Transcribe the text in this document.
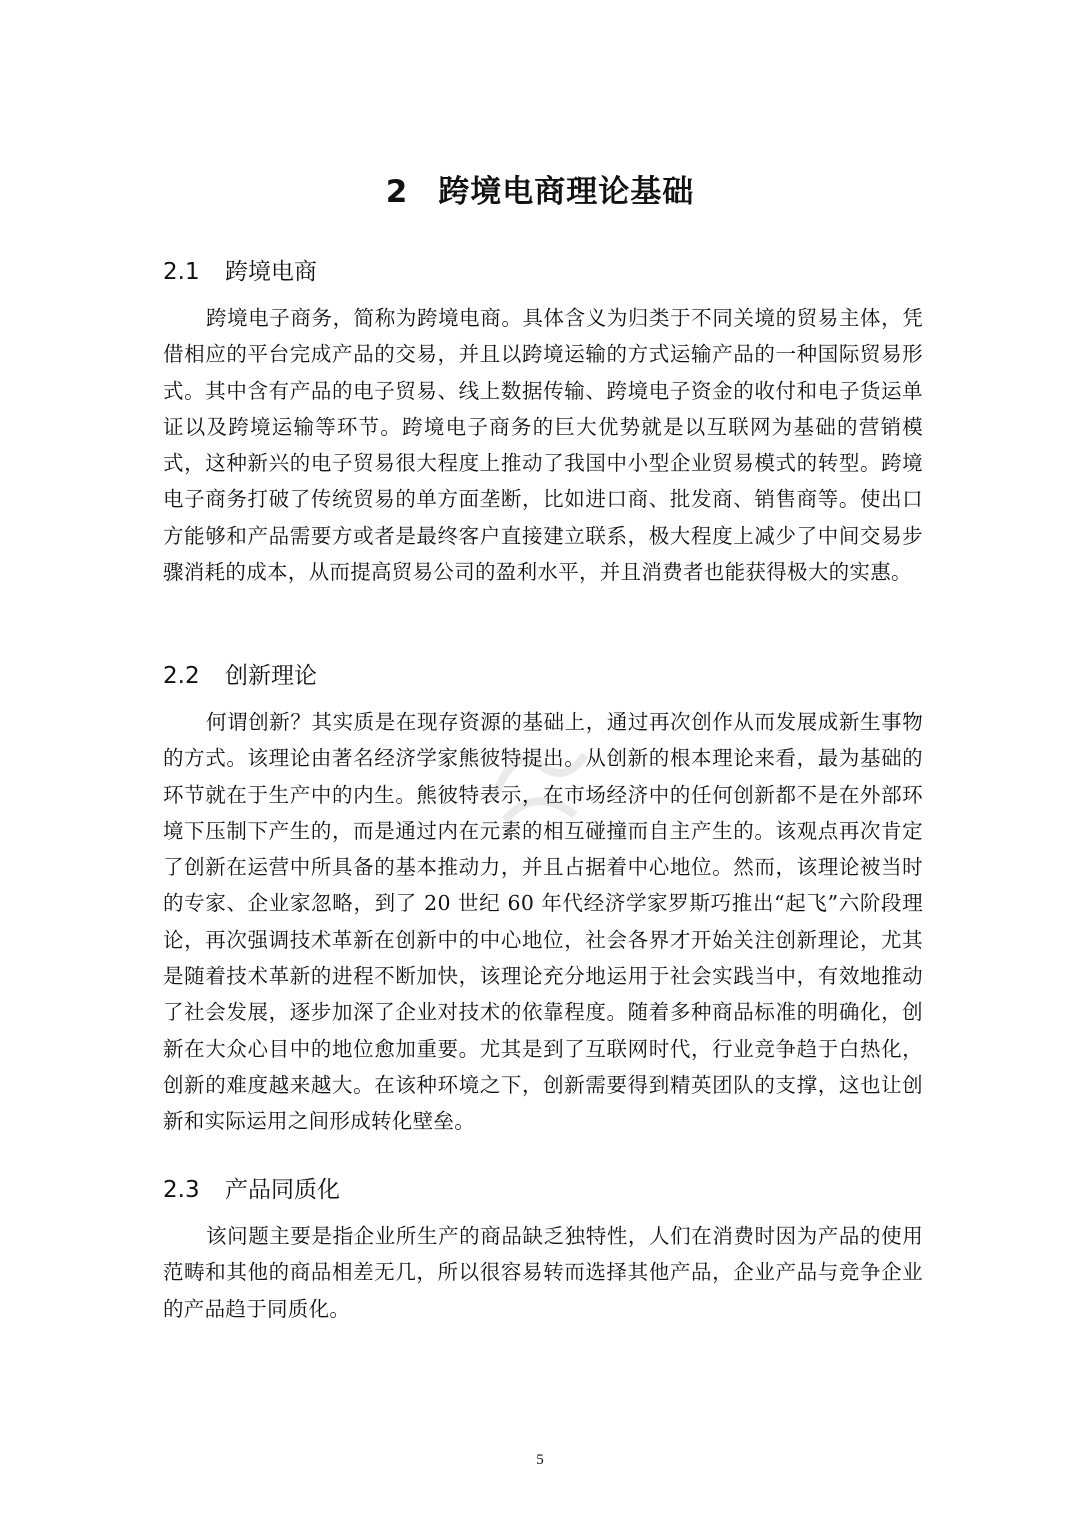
2 跨境电商理论基础
2.1 跨境电商

跨境电子商务，简称为跨境电商。具体含义为归类于不同关境的贸易主体，凭借相应的平台完成产品的交易，并且以跨境运输的方式运输产品的一种国际贸易形式。其中含有产品的电子贸易、线上数据传输、跨境电子资金的收付和电子货运单证以及跨境运输等环节。跨境电子商务的巨大优势就是以互联网为基础的营销模式，这种新兴的电子贸易很大程度上推动了我国中小型企业贸易模式的转型。跨境电子商务打破了传统贸易的单方面垄断，比如进口商、批发商、销售商等。使出口方能够和产品需要方或者是最终客户直接建立联系，极大程度上减少了中间交易步骤消耗的成本，从而提高贸易公司的盈利水平，并且消费者也能获得极大的实惠。

2.2 创新理论

何谓创新？其实质是在现存资源的基础上，通过再次创作从而发展成新生事物的方式。该理论由著名经济学家熊彼特提出。从创新的根本理论来看，最为基础的环节就在于生产中的内生。熊彼特表示，在市场经济中的任何创新都不是在外部环境下压制下产生的，而是通过内在元素的相互碰撞而自主产生的。该观点再次肯定了创新在运营中所具备的基本推动力，并且占据着中心地位。然而，该理论被当时的专家、企业家忽略，到了 20 世纪 60 年代经济学家罗斯巧推出“起飞”六阶段理论，再次强调技术革新在创新中的中心地位，社会各界才开始关注创新理论，尤其是随着技术革新的进程不断加快，该理论充分地运用于社会实践当中，有效地推动了社会发展，逐步加深了企业对技术的依靠程度。随着多种商品标准的明确化，创新在大众心目中的地位愈加重要。尤其是到了互联网时代，行业竞争趋于白热化，创新的难度越来越大。在该种环境之下，创新需要得到精英团队的支撑，这也让创新和实际运用之间形成转化壁垒。

2.3 产品同质化

该问题主要是指企业所生产的商品缺乏独特性，人们在消费时因为产品的使用范畴和其他的商品相差无几，所以很容易转而选择其他产品，企业产品与竞争企业的产品趋于同质化。

5
